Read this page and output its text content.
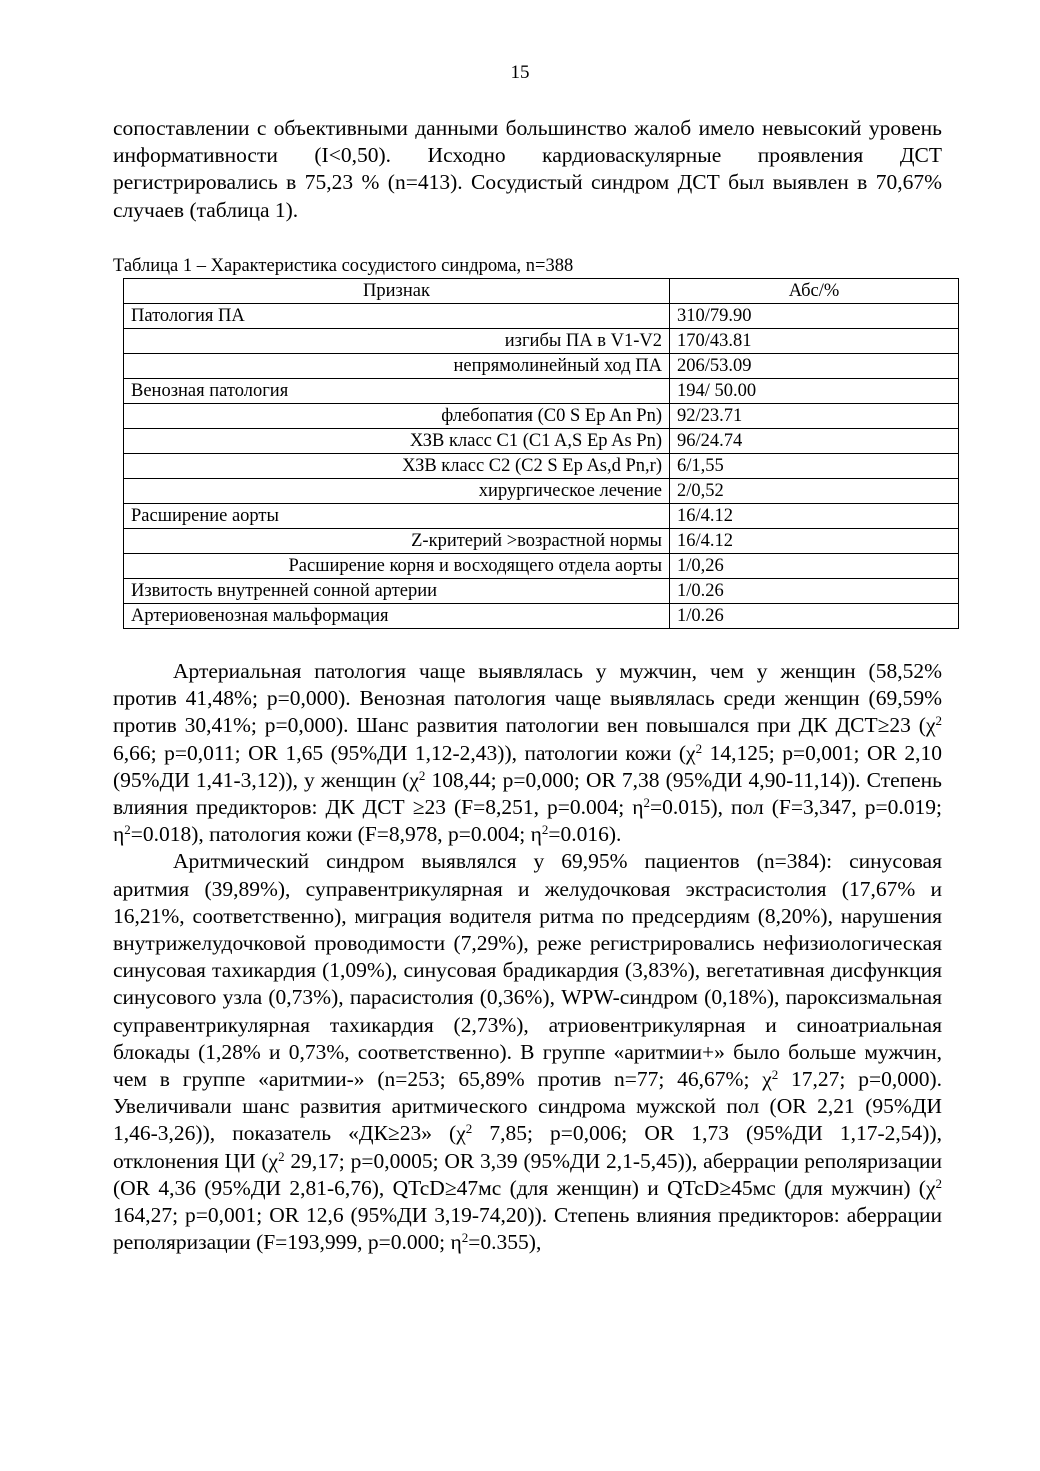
15

сопоставлении с объективными данными большинство жалоб имело невысокий уровень информативности (I<0,50). Исходно кардиоваскулярные проявления ДСТ регистрировались в 75,23 % (n=413). Сосудистый синдром ДСТ был выявлен в 70,67% случаев (таблица 1).

Таблица 1 – Характеристика сосудистого синдрома, n=388
Признак	Абс/%
Патология ПА	310/79.90
изгибы ПА в V1-V2	170/43.81
непрямолинейный ход ПА	206/53.09
Венозная патология	194/ 50.00
флебопатия (C0 S Ep An Pn)	92/23.71
ХЗВ класс С1 (C1 A,S Ep As Pn)	96/24.74
ХЗВ класс С2 (C2 S Ep As,d Pn,r)	6/1,55
хирургическое лечение	2/0,52
Расширение аорты	16/4.12
Z-критерий >возрастной нормы	16/4.12
Расширение корня и восходящего отдела аорты	1/0,26
Извитость внутренней сонной артерии	1/0.26
Артериовенозная мальформация	1/0.26

Артериальная патология чаще выявлялась у мужчин, чем у женщин (58,52% против 41,48%; p=0,000). Венозная патология чаще выявлялась среди женщин (69,59% против 30,41%; p=0,000). Шанс развития патологии вен повышался при ДК ДСТ≥23 ($\chi^2$ 6,66; p=0,011; OR 1,65 (95%ДИ 1,12-2,43)), патологии кожи ($\chi^2$ 14,125; p=0,001; OR 2,10 (95%ДИ 1,41-3,12)), у женщин ($\chi^2$ 108,44; p=0,000; OR 7,38 (95%ДИ 4,90-11,14)). Степень влияния предикторов: ДК ДСТ ≥23 (F=8,251, p=0.004; $\eta^2=0.015$), пол (F=3,347, p=0.019; $\eta^2=0.018$), патология кожи (F=8,978, p=0.004; $\eta^2=0.016$).

Аритмический синдром выявлялся у 69,95% пациентов (n=384): синусовая аритмия (39,89%), суправентрикулярная и желудочковая экстрасистолия (17,67% и 16,21%, соответственно), миграция водителя ритма по предсердиям (8,20%), нарушения внутрижелудочковой проводимости (7,29%), реже регистрировались нефизиологическая синусовая тахикардия (1,09%), синусовая брадикардия (3,83%), вегетативная дисфункция синусового узла (0,73%), парасистолия (0,36%), WPW-синдром (0,18%), пароксизмальная суправентрикулярная тахикардия (2,73%), атриовентрикулярная и синоатриальная блокады (1,28% и 0,73%, соответственно). В группе «аритмии+» было больше мужчин, чем в группе «аритмии-» (n=253; 65,89% против n=77; 46,67%; $\chi^2$ 17,27; p=0,000). Увеличивали шанс развития аритмического синдрома мужской пол (OR 2,21 (95%ДИ 1,46-3,26)), показатель «ДК≥23» ($\chi^2$ 7,85; p=0,006; OR 1,73 (95%ДИ 1,17-2,54)), отклонения ЦИ ($\chi^2$ 29,17; p=0,0005; OR 3,39 (95%ДИ 2,1-5,45)), аберрации реполяризации (OR 4,36 (95%ДИ 2,81-6,76), QTcD≥47мс (для женщин) и QTcD≥45мс (для мужчин) ($\chi^2$ 164,27; p=0,001; OR 12,6 (95%ДИ 3,19-74,20)). Степень влияния предикторов: аберрации реполяризации (F=193,999, p=0.000; $\eta^2=0.355$),
